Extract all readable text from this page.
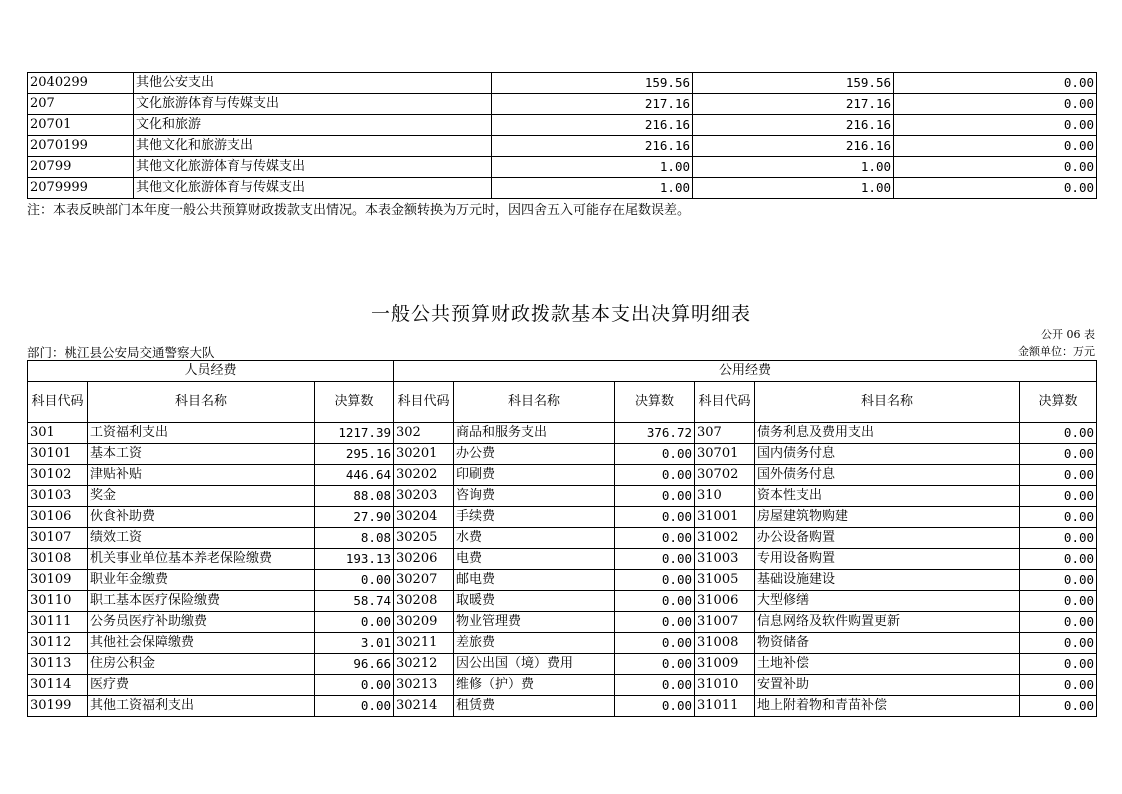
2040299	其他公安支出	159.56	159.56	0.00
207	文化旅游体育与传媒支出	217.16	217.16	0.00
20701	文化和旅游	216.16	216.16	0.00
2070199	其他文化和旅游支出	216.16	216.16	0.00
20799	其他文化旅游体育与传媒支出	1.00	1.00	0.00
2079999	其他文化旅游体育与传媒支出	1.00	1.00	0.00
注：本表反映部门本年度一般公共预算财政拨款支出情况。本表金额转换为万元时，因四舍五入可能存在尾数误差。
一般公共预算财政拨款基本支出决算明细表
公开 06 表
部门：桃江县公安局交通警察大队	金额单位：万元
人员经费			公用经费					
科目代码	科目名称	决算数	科目代码	科目名称	决算数	科目代码	科目名称	决算数
301	工资福利支出	1217.39	302	商品和服务支出	376.72	307	债务利息及费用支出	0.00
30101	基本工资	295.16	30201	办公费	0.00	30701	国内债务付息	0.00
30102	津贴补贴	446.64	30202	印刷费	0.00	30702	国外债务付息	0.00
30103	奖金	88.08	30203	咨询费	0.00	310	资本性支出	0.00
30106	伙食补助费	27.90	30204	手续费	0.00	31001	房屋建筑物购建	0.00
30107	绩效工资	8.08	30205	水费	0.00	31002	办公设备购置	0.00
30108	机关事业单位基本养老保险缴费	193.13	30206	电费	0.00	31003	专用设备购置	0.00
30109	职业年金缴费	0.00	30207	邮电费	0.00	31005	基础设施建设	0.00
30110	职工基本医疗保险缴费	58.74	30208	取暖费	0.00	31006	大型修缮	0.00
30111	公务员医疗补助缴费	0.00	30209	物业管理费	0.00	31007	信息网络及软件购置更新	0.00
30112	其他社会保障缴费	3.01	30211	差旅费	0.00	31008	物资储备	0.00
30113	住房公积金	96.66	30212	因公出国（境）费用	0.00	31009	土地补偿	0.00
30114	医疗费	0.00	30213	维修（护）费	0.00	31010	安置补助	0.00
30199	其他工资福利支出	0.00	30214	租赁费	0.00	31011	地上附着物和青苗补偿	0.00
